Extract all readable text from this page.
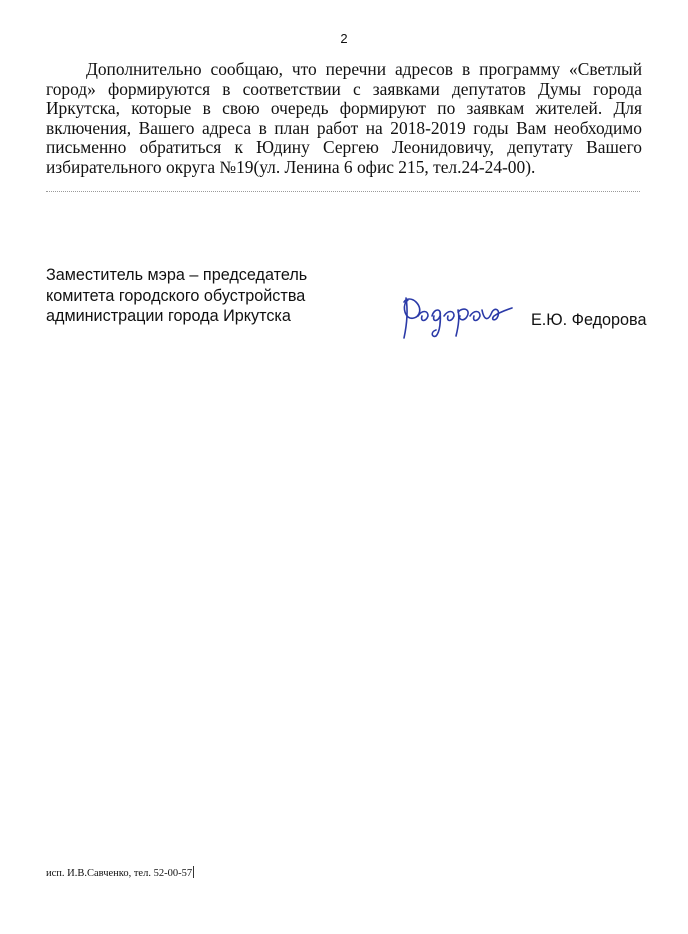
2

Дополнительно сообщаю, что перечни адресов в программу «Светлый город» формируются в соответствии с заявками депутатов Думы города Иркутска, которые в свою очередь формируют по заявкам жителей. Для включения, Вашего адреса в план работ на 2018-2019 годы Вам необходимо письменно обратиться к Юдину Сергею Леонидовичу, депутату Вашего избирательного округа №19(ул. Ленина 6 офис 215, тел.24-24-00).

Заместитель мэра – председатель
комитета городского обустройства
администрации города Иркутска	Е.Ю. Федорова
исп. И.В.Савченко, тел. 52-00-57
